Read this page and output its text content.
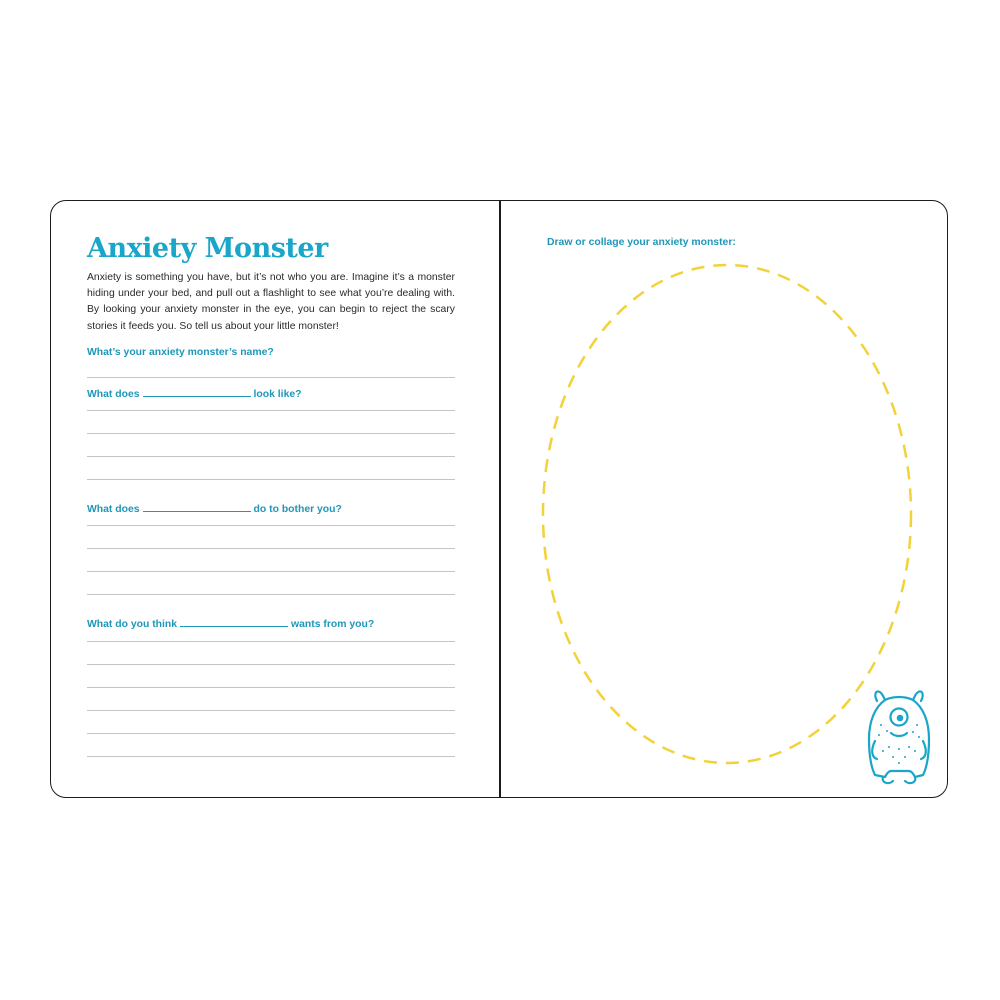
Anxiety Monster

Anxiety is something you have, but it’s not who you are. Imagine it’s a monster hiding under your bed, and pull out a flashlight to see what you’re dealing with. By looking your anxiety monster in the eye, you can begin to reject the scary stories it feeds you. So tell us about your little monster!

What’s your anxiety monster’s name?
What does	look like?
What does	do to bother you?
What do you think	wants from you?
Draw or collage your anxiety monster:
